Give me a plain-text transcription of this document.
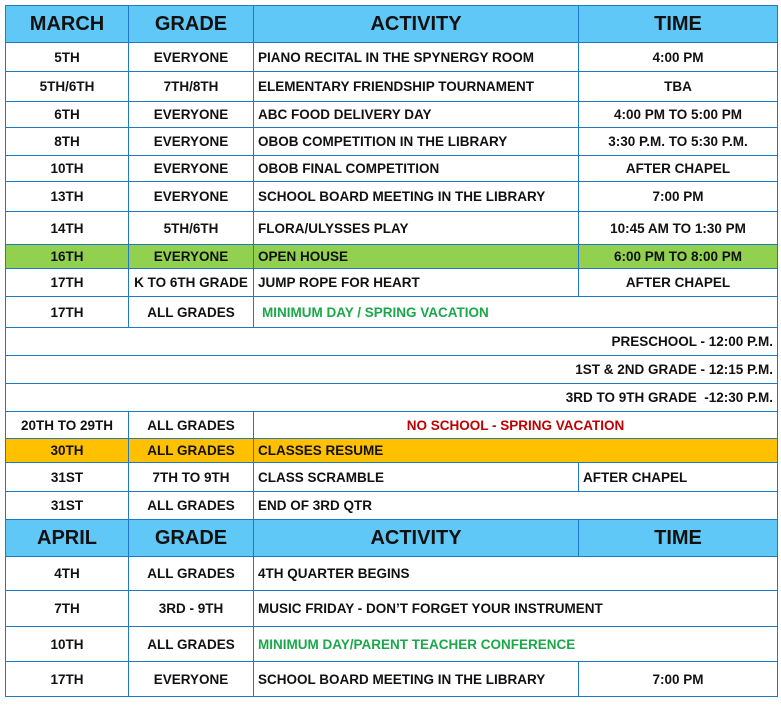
MARCH	GRADE	ACTIVITY	TIME
5TH	EVERYONE	PIANO RECITAL IN THE SPYNERGY ROOM	4:00 PM
5TH/6TH	7TH/8TH	ELEMENTARY FRIENDSHIP TOURNAMENT	TBA
6TH	EVERYONE	ABC FOOD DELIVERY DAY	4:00 PM TO 5:00 PM
8TH	EVERYONE	OBOB COMPETITION IN THE LIBRARY	3:30 P.M. TO 5:30 P.M.
10TH	EVERYONE	OBOB FINAL COMPETITION	AFTER CHAPEL
13TH	EVERYONE	SCHOOL BOARD MEETING IN THE LIBRARY	7:00 PM
14TH	5TH/6TH	FLORA/ULYSSES PLAY	10:45 AM TO 1:30 PM
16TH	EVERYONE	OPEN HOUSE	6:00 PM TO 8:00 PM
17TH	K TO 6TH GRADE	JUMP ROPE FOR HEART	AFTER CHAPEL
17TH	ALL GRADES	MINIMUM DAY / SPRING VACATION	
PRESCHOOL - 12:00 P.M.			
1ST & 2ND GRADE - 12:15 P.M.			
3RD TO 9TH GRADE  -12:30 P.M.			
20TH TO 29TH	ALL GRADES	NO SCHOOL - SPRING VACATION	
30TH	ALL GRADES	CLASSES RESUME	
31ST	7TH TO 9TH	CLASS SCRAMBLE	AFTER CHAPEL
31ST	ALL GRADES	END OF 3RD QTR	
APRIL	GRADE	ACTIVITY	TIME
4TH	ALL GRADES	4TH QUARTER BEGINS	
7TH	3RD - 9TH	MUSIC FRIDAY - DON’T FORGET YOUR INSTRUMENT	
10TH	ALL GRADES	MINIMUM DAY/PARENT TEACHER CONFERENCE	
17TH	EVERYONE	SCHOOL BOARD MEETING IN THE LIBRARY	7:00 PM
